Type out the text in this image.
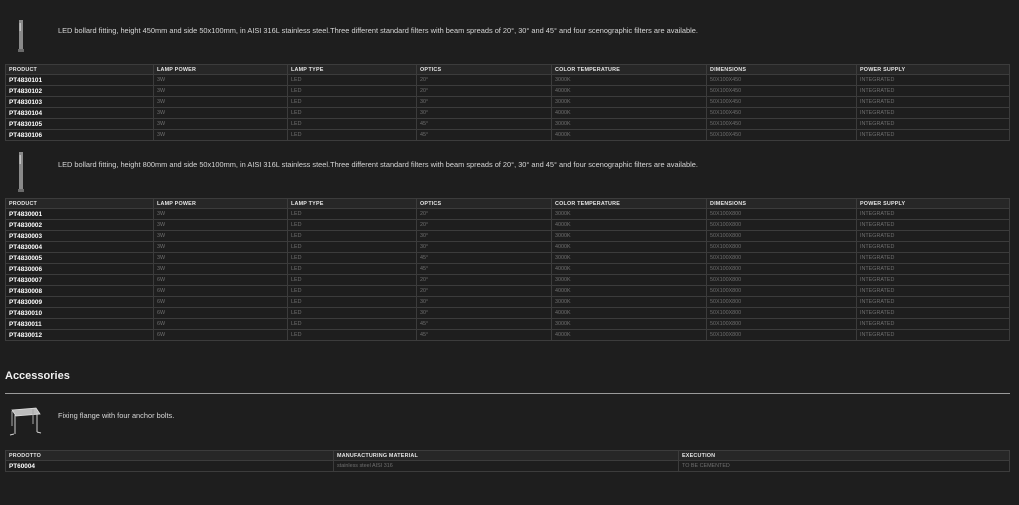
LED bollard fitting, height 450mm and side 50x100mm, in AISI 316L stainless steel.Three different standard filters with beam spreads of 20°, 30° and 45° and four scenographic filters are available.
PRODUCT	LAMP POWER	LAMP TYPE	OPTICS	COLOR TEMPERATURE	DIMENSIONS	POWER SUPPLY
PT4830101	3W	LED	20°	3000K	50X100X450	INTEGRATED
PT4830102	3W	LED	20°	4000K	50X100X450	INTEGRATED
PT4830103	3W	LED	30°	3000K	50X100X450	INTEGRATED
PT4830104	3W	LED	30°	4000K	50X100X450	INTEGRATED
PT4830105	3W	LED	45°	3000K	50X100X450	INTEGRATED
PT4830106	3W	LED	45°	4000K	50X100X450	INTEGRATED
LED bollard fitting, height 800mm and side 50x100mm, in AISI 316L stainless steel.Three different standard filters with beam spreads of 20°, 30° and 45° and four scenographic filters are available.
PRODUCT	LAMP POWER	LAMP TYPE	OPTICS	COLOR TEMPERATURE	DIMENSIONS	POWER SUPPLY
PT4830001	3W	LED	20°	3000K	50X100X800	INTEGRATED
PT4830002	3W	LED	20°	4000K	50X100X800	INTEGRATED
PT4830003	3W	LED	30°	3000K	50X100X800	INTEGRATED
PT4830004	3W	LED	30°	4000K	50X100X800	INTEGRATED
PT4830005	3W	LED	45°	3000K	50X100X800	INTEGRATED
PT4830006	3W	LED	45°	4000K	50X100X800	INTEGRATED
PT4830007	6W	LED	20°	3000K	50X100X800	INTEGRATED
PT4830008	6W	LED	20°	4000K	50X100X800	INTEGRATED
PT4830009	6W	LED	30°	3000K	50X100X800	INTEGRATED
PT4830010	6W	LED	30°	4000K	50X100X800	INTEGRATED
PT4830011	6W	LED	45°	3000K	50X100X800	INTEGRATED
PT4830012	6W	LED	45°	4000K	50X100X800	INTEGRATED
Accessories
Fixing flange with four anchor bolts.
PRODOTTO	MANUFACTURING MATERIAL	EXECUTION
PT60004	stainless steel AISI 316	TO BE CEMENTED
